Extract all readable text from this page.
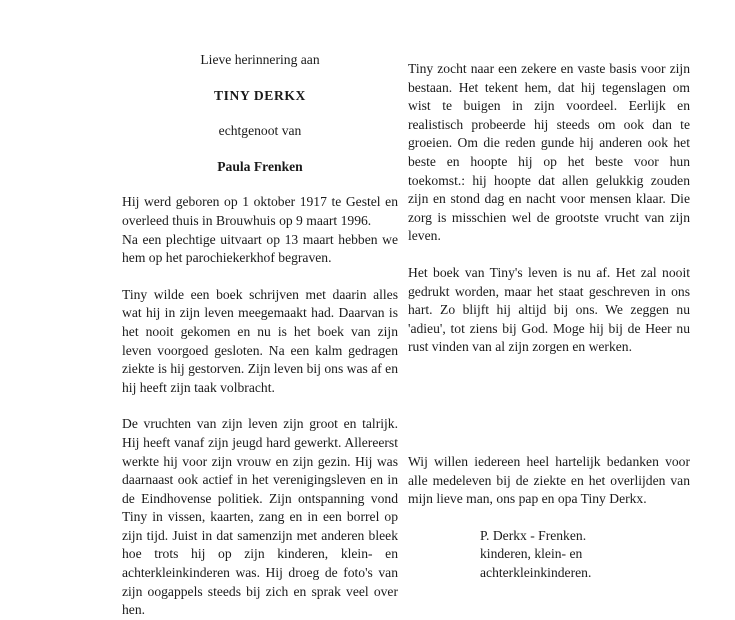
Lieve herinnering aan

TINY DERKX

echtgenoot van

Paula Frenken

Hij werd geboren op 1 oktober 1917 te Gestel en overleed thuis in Brouwhuis op 9 maart 1996.

Na een plechtige uitvaart op 13 maart hebben we hem op het parochiekerkhof begraven.

Tiny wilde een boek schrijven met daarin alles wat hij in zijn leven meegemaakt had. Daarvan is het nooit gekomen en nu is het boek van zijn leven voorgoed gesloten. Na een kalm gedragen ziekte is hij gestorven. Zijn leven bij ons was af en hij heeft zijn taak volbracht.

De vruchten van zijn leven zijn groot en talrijk. Hij heeft vanaf zijn jeugd hard gewerkt. Allereerst werkte hij voor zijn vrouw en zijn gezin. Hij was daarnaast ook actief in het verenigingsleven en in de Eindhovense politiek. Zijn ontspanning vond Tiny in vissen, kaarten, zang en in een borrel op zijn tijd. Juist in dat samenzijn met anderen bleek hoe trots hij op zijn kinderen, klein- en achterkleinkinderen was. Hij droeg de foto's van zijn oogappels steeds bij zich en sprak veel over hen.

Tiny zocht naar een zekere en vaste basis voor zijn bestaan. Het tekent hem, dat hij tegenslagen om wist te buigen in zijn voordeel. Eerlijk en realistisch probeerde hij steeds om ook dan te groeien. Om die reden gunde hij anderen ook het beste en hoopte hij op het beste voor hun toekomst.: hij hoopte dat allen gelukkig zouden zijn en stond dag en nacht voor mensen klaar. Die zorg is misschien wel de grootste vrucht van zijn leven.

Het boek van Tiny's leven is nu af. Het zal nooit gedrukt worden, maar het staat geschreven in ons hart. Zo blijft hij altijd bij ons. We zeggen nu 'adieu', tot ziens bij God. Moge hij bij de Heer nu rust vinden van al zijn zorgen en werken.

Wij willen iedereen heel hartelijk bedanken voor alle medeleven bij de ziekte en het overlijden van mijn lieve man, ons pap en opa Tiny Derkx.

P. Derkx - Frenken.
kinderen, klein- en
achterkleinkinderen.
